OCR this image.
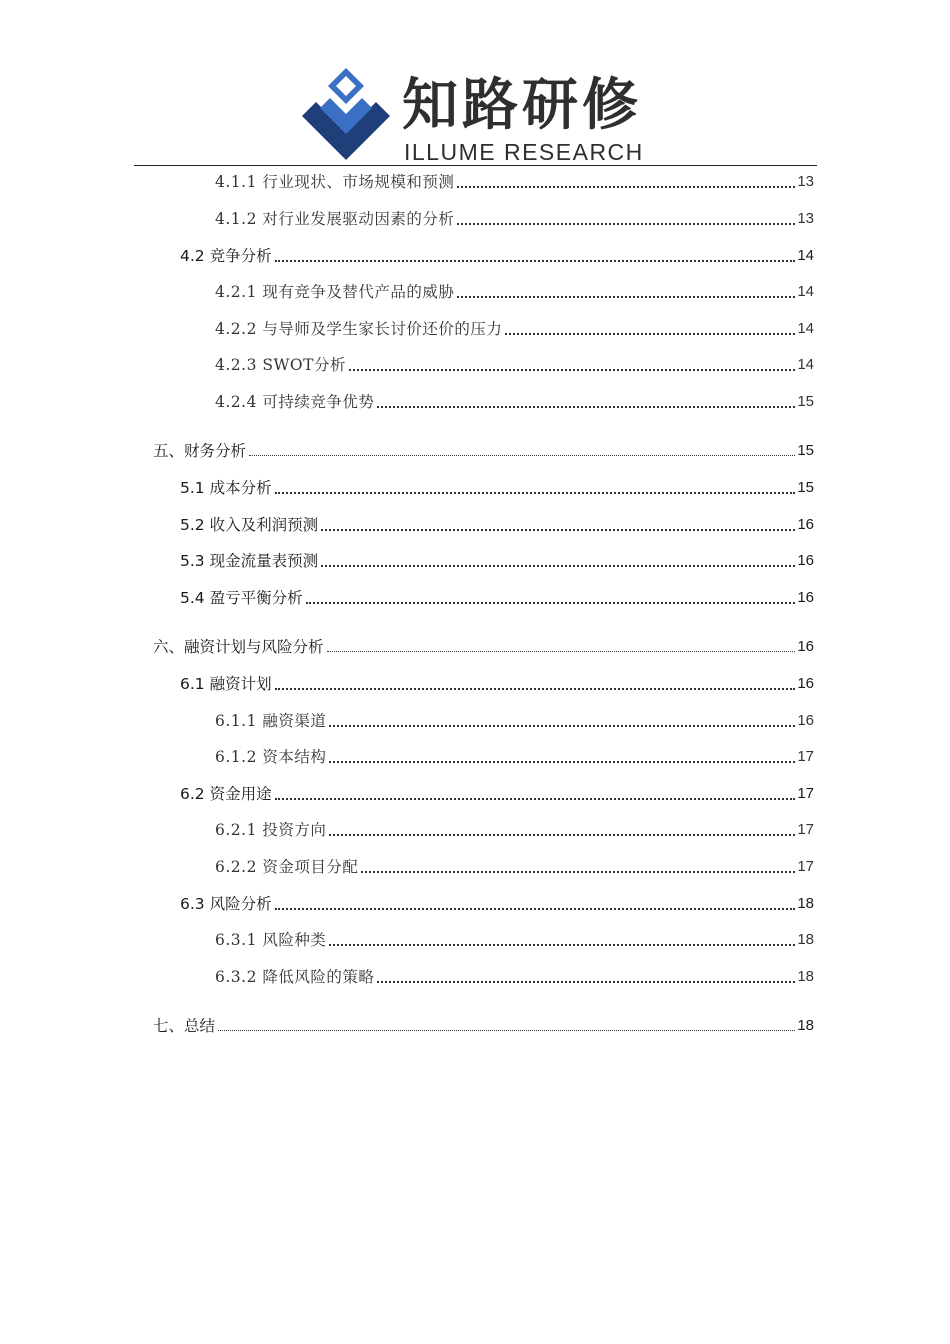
知路研修
ILLUME RESEARCH
4.1.1 行业现状、市场规模和预测	13
4.1.2 对行业发展驱动因素的分析	13
4.2 竞争分析	14
4.2.1 现有竞争及替代产品的威胁	14
4.2.2 与导师及学生家长讨价还价的压力	14
4.2.3 SWOT分析	14
4.2.4 可持续竞争优势	15
五、财务分析	15
5.1 成本分析	15
5.2 收入及利润预测	16
5.3 现金流量表预测	16
5.4 盈亏平衡分析	16
六、融资计划与风险分析	16
6.1 融资计划	16
6.1.1 融资渠道	16
6.1.2 资本结构	17
6.2 资金用途	17
6.2.1 投资方向	17
6.2.2 资金项目分配	17
6.3 风险分析	18
6.3.1 风险种类	18
6.3.2 降低风险的策略	18
七、总结	18
